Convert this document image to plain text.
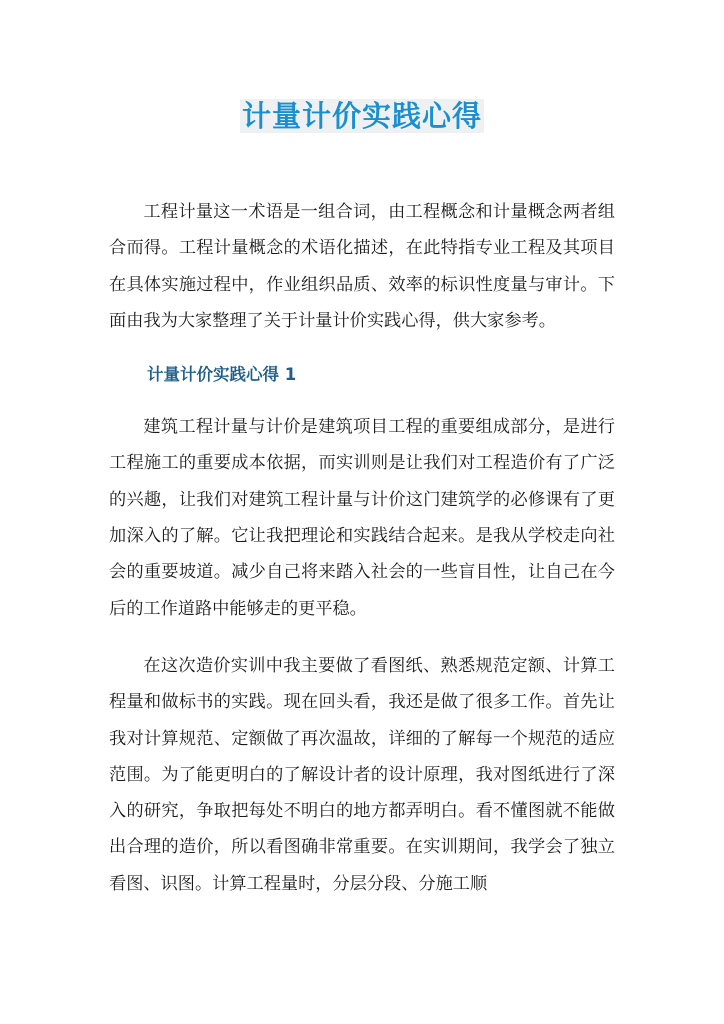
计量计价实践心得

工程计量这一术语是一组合词，由工程概念和计量概念两者组合而得。工程计量概念的术语化描述，在此特指专业工程及其项目在具体实施过程中，作业组织品质、效率的标识性度量与审计。下面由我为大家整理了关于计量计价实践心得，供大家参考。

计量计价实践心得 1

建筑工程计量与计价是建筑项目工程的重要组成部分，是进行工程施工的重要成本依据，而实训则是让我们对工程造价有了广泛的兴趣，让我们对建筑工程计量与计价这门建筑学的必修课有了更加深入的了解。它让我把理论和实践结合起来。是我从学校走向社会的重要坡道。减少自己将来踏入社会的一些盲目性，让自己在今后的工作道路中能够走的更平稳。

在这次造价实训中我主要做了看图纸、熟悉规范定额、计算工程量和做标书的实践。现在回头看，我还是做了很多工作。首先让我对计算规范、定额做了再次温故，详细的了解每一个规范的适应范围。为了能更明白的了解设计者的设计原理，我对图纸进行了深入的研究，争取把每处不明白的地方都弄明白。看不懂图就不能做出合理的造价，所以看图确非常重要。在实训期间，我学会了独立看图、识图。计算工程量时，分层分段、分施工顺
